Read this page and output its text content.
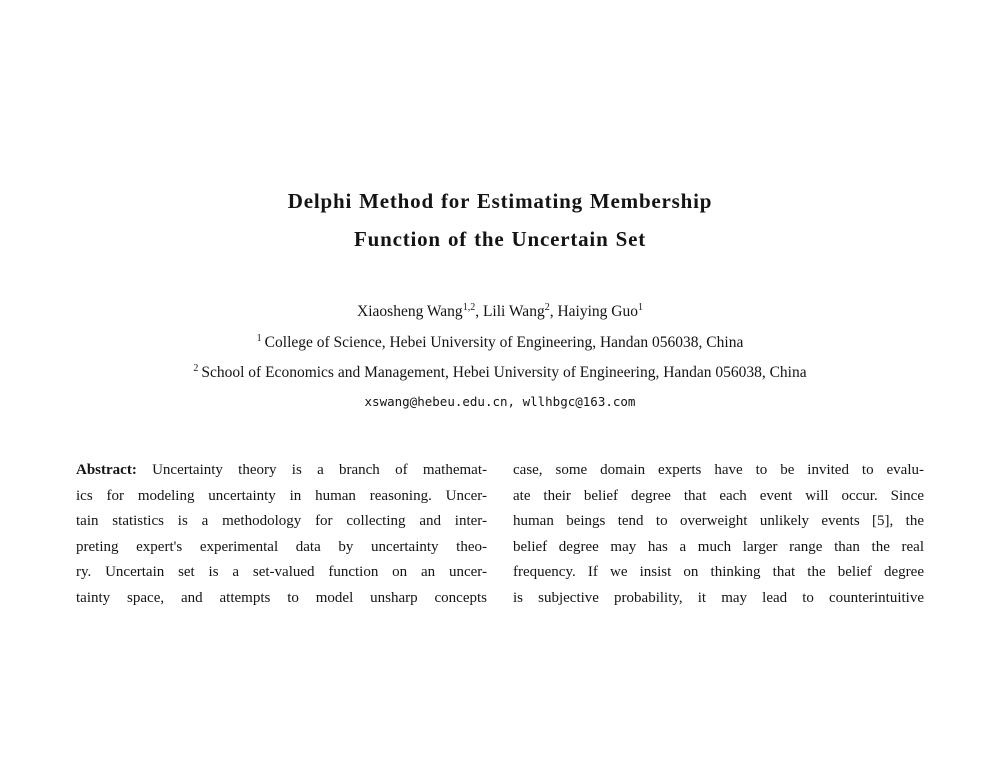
Delphi Method for Estimating Membership
Function of the Uncertain Set
Xiaosheng Wang$^{1,2}$, Lili Wang$^2$, Haiying Guo$^1$
$^1$ College of Science, Hebei University of Engineering, Handan 056038, China
$^2$ School of Economics and Management, Hebei University of Engineering, Handan 056038, China
xswang@hebeu.edu.cn, wllhbgc@163.com
Abstract: Uncertainty theory is a branch of mathemat-
ics for modeling uncertainty in human reasoning. Uncer-
tain statistics is a methodology for collecting and inter-
preting expert's experimental data by uncertainty theo-
ry. Uncertain set is a set-valued function on an uncer-
tainty space, and attempts to model unsharp concepts
case, some domain experts have to be invited to evalu-
ate their belief degree that each event will occur. Since
human beings tend to overweight unlikely events [5], the
belief degree may has a much larger range than the real
frequency. If we insist on thinking that the belief degree
is subjective probability, it may lead to counterintuitive
